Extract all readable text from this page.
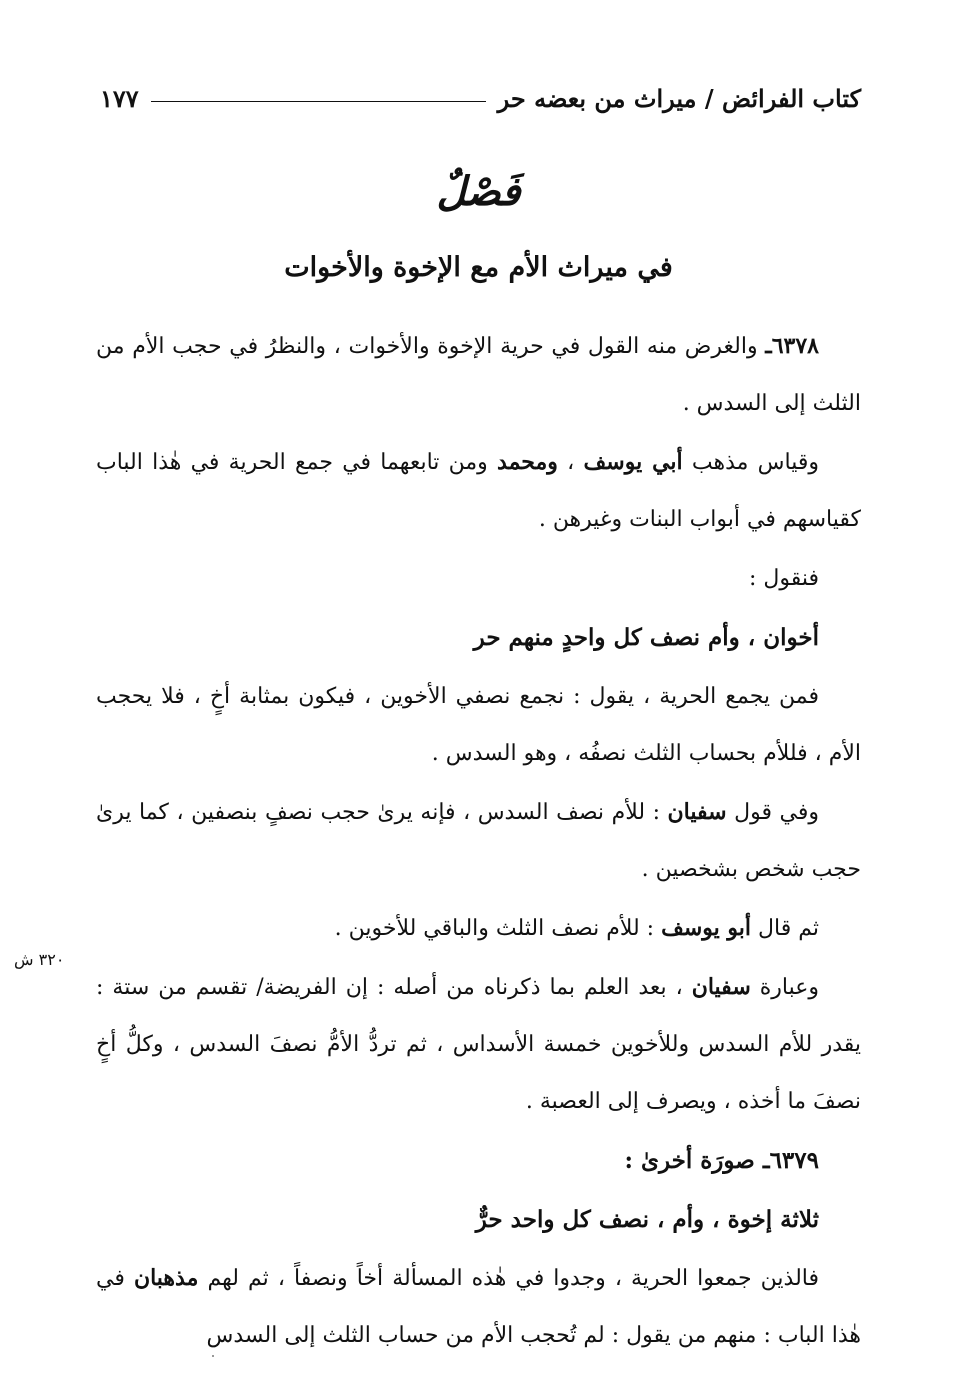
كتاب الفرائض / ميراث من بعضه حر
١٧٧
فَصْلٌ
في ميراث الأم مع الإخوة والأخوات
٣٢٠ ش

٦٣٧٨ـ والغرض منه القول في حرية الإخوة والأخوات ، والنظرُ في حجب الأم من الثلث إلى السدس .

وقياس مذهب أبي يوسف ، ومحمد ومن تابعهما في جمع الحرية في هٰذا الباب كقياسهم في أبواب البنات وغيرهن .

فنقول :

أخوان ، وأم نصف كل واحدٍ منهم حر

فمن يجمع الحرية ، يقول : نجمع نصفي الأخوين ، فيكون بمثابة أخٍ ، فلا يحجب الأم ، فللأم بحساب الثلث نصفُه ، وهو السدس .

وفي قول سفيان : للأم نصف السدس ، فإنه يرىٰ حجب نصفٍ بنصفين ، كما يرىٰ حجب شخص بشخصين .

ثم قال أبو يوسف : للأم نصف الثلث والباقي للأخوين .

وعبارة سفيان ، بعد العلم بما ذكرناه من أصله : إن الفريضة/ تقسم من ستة : يقدر للأم السدس وللأخوين خمسة الأسداس ، ثم تردُّ الأمُّ نصفَ السدس ، وكلُّ أخٍ نصفَ ما أخذه ، ويصرف إلى العصبة .

٦٣٧٩ـ صورَة أخرىٰ :

ثلاثة إخوة ، وأم ، نصف كل واحد حرٌّ

فالذين جمعوا الحرية ، وجدوا في هٰذه المسألة أخاً ونصفاً ، ثم لهم مذهبان في هٰذا الباب : منهم من يقول : لم تُحجب الأم من حساب الثلث إلى السدس
